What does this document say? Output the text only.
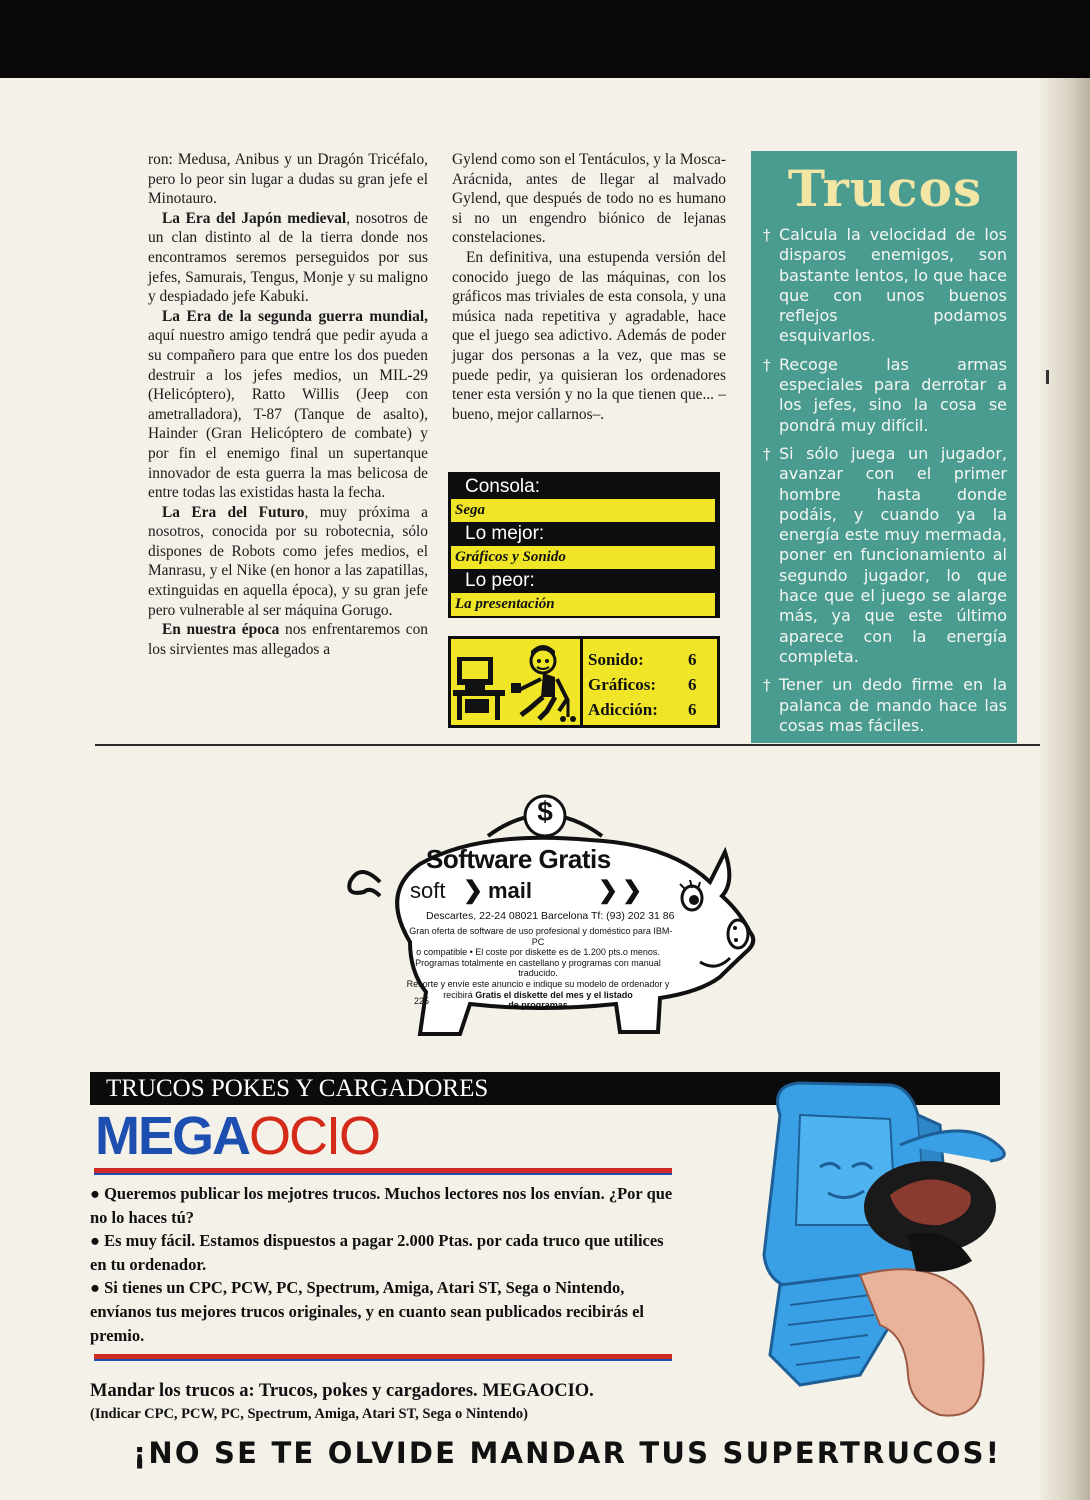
ron: Medusa, Anibus y un Dragón Tricéfalo, pero lo peor sin lugar a dudas su gran jefe el Minotauro.

La Era del Japón medieval, nosotros de un clan distinto al de la tierra donde nos encontramos seremos perseguidos por sus jefes, Samurais, Tengus, Monje y su maligno y despiadado jefe Kabuki.

La Era de la segunda guerra mundial, aquí nuestro amigo tendrá que pedir ayuda a su compañero para que entre los dos pueden destruir a los jefes medios, un MIL-29 (Helicóptero), Ratto Willis (Jeep con ametralladora), T-87 (Tanque de asalto), Hainder (Gran Helicóptero de combate) y por fin el enemigo final un supertanque innovador de esta guerra la mas belicosa de entre todas las existidas hasta la fecha.

La Era del Futuro, muy próxima a nosotros, conocida por su robotecnia, sólo dispones de Robots como jefes medios, el Manrasu, y el Nike (en honor a las zapatillas, extinguidas en aquella época), y su gran jefe pero vulnerable al ser máquina Gorugo.

En nuestra época nos enfrentaremos con los sirvientes mas allegados a

Gylend como son el Tentáculos, y la Mosca-Arácnida, antes de llegar al malvado Gylend, que después de todo no es humano si no un engendro biónico de lejanas constelaciones.

En definitiva, una estupenda versión del conocido juego de las máquinas, con los gráficos mas triviales de esta consola, y una música nada repetitiva y agradable, hace que el juego sea adictivo. Además de poder jugar dos personas a la vez, que mas se puede pedir, ya quisieran los ordenadores tener esta versión y no la que tienen que... –bueno, mejor callarnos–.

Consola:
Sega
Lo mejor:
Gráficos y Sonido
Lo peor:
La presentación
Sonido:	6
Gráficos:	6
Adicción:	6
Trucos
† Calcula la velocidad de los disparos enemigos, son bastante lentos, lo que hace que con unos buenos reflejos podamos esquivarlos.
† Recoge las armas especiales para derrotar a los jefes, sino la cosa se pondrá muy difícil.
† Si sólo juega un jugador, avanzar con el primer hombre hasta donde podáis, y cuando ya la energía este muy mermada, poner en funcionamiento al segundo jugador, lo que hace que el juego se alarge más, ya que este último aparece con la energía completa.
† Tener un dedo firme en la palanca de mando hace las cosas mas fáciles.
$
Software Gratis
soft ❯ mail	❯❯
Descartes, 22-24 08021 Barcelona Tf: (93) 202 31 86
• Gran oferta de software de uso profesional y doméstico para IBM-PC
o compatible • El coste por diskette es de 1.200 pts.o menos.
Programas totalmente en castellano y programas con manual traducido.
Recorte y envíe este anuncio e indique su modelo de ordenador y
recibirá Gratis el diskette del mes y el listado
de programas
225
TRUCOS POKES Y CARGADORES
MEGAOCIO

● Queremos publicar los mejotres trucos. Muchos lectores nos los envían. ¿Por que no lo haces tú?

● Es muy fácil. Estamos dispuestos a pagar 2.000 Ptas. por cada truco que utilices en tu ordenador.

● Si tienes un CPC, PCW, PC, Spectrum, Amiga, Atari ST, Sega o Nintendo, envíanos tus mejores trucos originales, y en cuanto sean publicados recibirás el premio.

Mandar los trucos a: Trucos, pokes y cargadores. MEGAOCIO.
(Indicar CPC, PCW, PC, Spectrum, Amiga, Atari ST, Sega o Nintendo)
¡NO SE TE OLVIDE MANDAR TUS SUPERTRUCOS!
